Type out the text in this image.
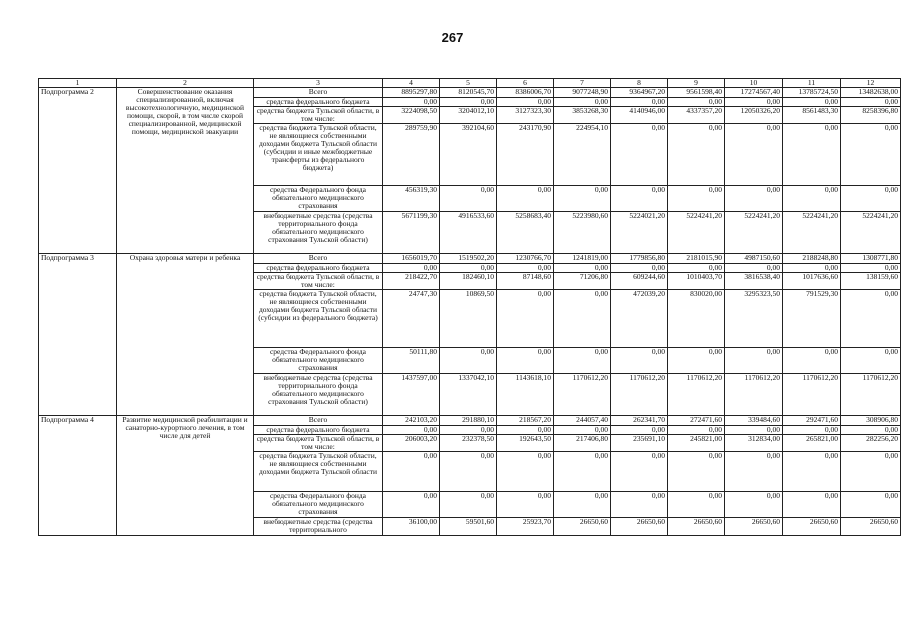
267
1	2	3	4	5	6	7	8	9	10	11	12
Подпрограмма 2	Совершенствование оказания специализированной, включая высокотехнологичную, медицинской помощи, скорой, в том числе скорой специализированной, медицинской помощи, медицинской эвакуации	Всего	8895297,80	8120545,70	8386006,70	9077248,90	9364967,20	9561598,40	17274567,40	13785724,50	13482638,00
		средства федерального бюджета	0,00	0,00	0,00	0,00	0,00	0,00	0,00	0,00	0,00
		средства бюджета Тульской области, в том числе:	3224098,50	3204012,10	3127323,30	3853268,30	4140946,00	4337357,20	12050326,20	8561483,30	8258396,80
		средства бюджета Тульской области, не являющиеся собственными доходами бюджета Тульской области (субсидии и иные межбюджетные трансферты из федерального бюджета)	289759,90	392104,60	243170,90	224954,10	0,00	0,00	0,00	0,00	0,00
		средства Федерального фонда обязательного медицинского страхования	456319,30	0,00	0,00	0,00	0,00	0,00	0,00	0,00	0,00
		внебюджетные средства (средства территориального фонда обязательного медицинского страхования Тульской области)	5671199,30	4916533,60	5258683,40	5223980,60	5224021,20	5224241,20	5224241,20	5224241,20	5224241,20
Подпрограмма 3	Охрана здоровья матери и ребенка	Всего	1656019,70	1519502,20	1230766,70	1241819,00	1779856,80	2181015,90	4987150,60	2188248,80	1308771,80
		средства федерального бюджета	0,00	0,00	0,00	0,00	0,00	0,00	0,00	0,00	0,00
		средства бюджета Тульской области, в том числе:	218422,70	182460,10	87148,60	71206,80	609244,60	1010403,70	3816538,40	1017636,60	138159,60
		средства бюджета Тульской области, не являющиеся собственными доходами бюджета Тульской области (субсидии из федерального бюджета)	24747,30	10869,50	0,00	0,00	472039,20	830020,00	3295323,50	791529,30	0,00
		средства Федерального фонда обязательного медицинского страхования	50111,80	0,00	0,00	0,00	0,00	0,00	0,00	0,00	0,00
		внебюджетные средства (средства территориального фонда обязательного медицинского страхования Тульской области)	1437597,00	1337042,10	1143618,10	1170612,20	1170612,20	1170612,20	1170612,20	1170612,20	1170612,20
Подпрограмма 4	Развитие медицинской реабилитации и санаторно-курортного лечения, в том числе для детей	Всего	242103,20	291880,10	218567,20	244057,40	262341,70	272471,60	339484,60	292471,60	308906,80
		средства федерального бюджета	0,00	0,00	0,00	0,00	0,00	0,00	0,00	0,00	0,00
		средства бюджета Тульской области, в том числе:	206003,20	232378,50	192643,50	217406,80	235691,10	245821,00	312834,00	265821,00	282256,20
		средства бюджета Тульской области, не являющиеся собственными доходами бюджета Тульской области	0,00	0,00	0,00	0,00	0,00	0,00	0,00	0,00	0,00
		средства Федерального фонда обязательного медицинского страхования	0,00	0,00	0,00	0,00	0,00	0,00	0,00	0,00	0,00
		внебюджетные средства (средства территориального	36100,00	59501,60	25923,70	26650,60	26650,60	26650,60	26650,60	26650,60	26650,60
